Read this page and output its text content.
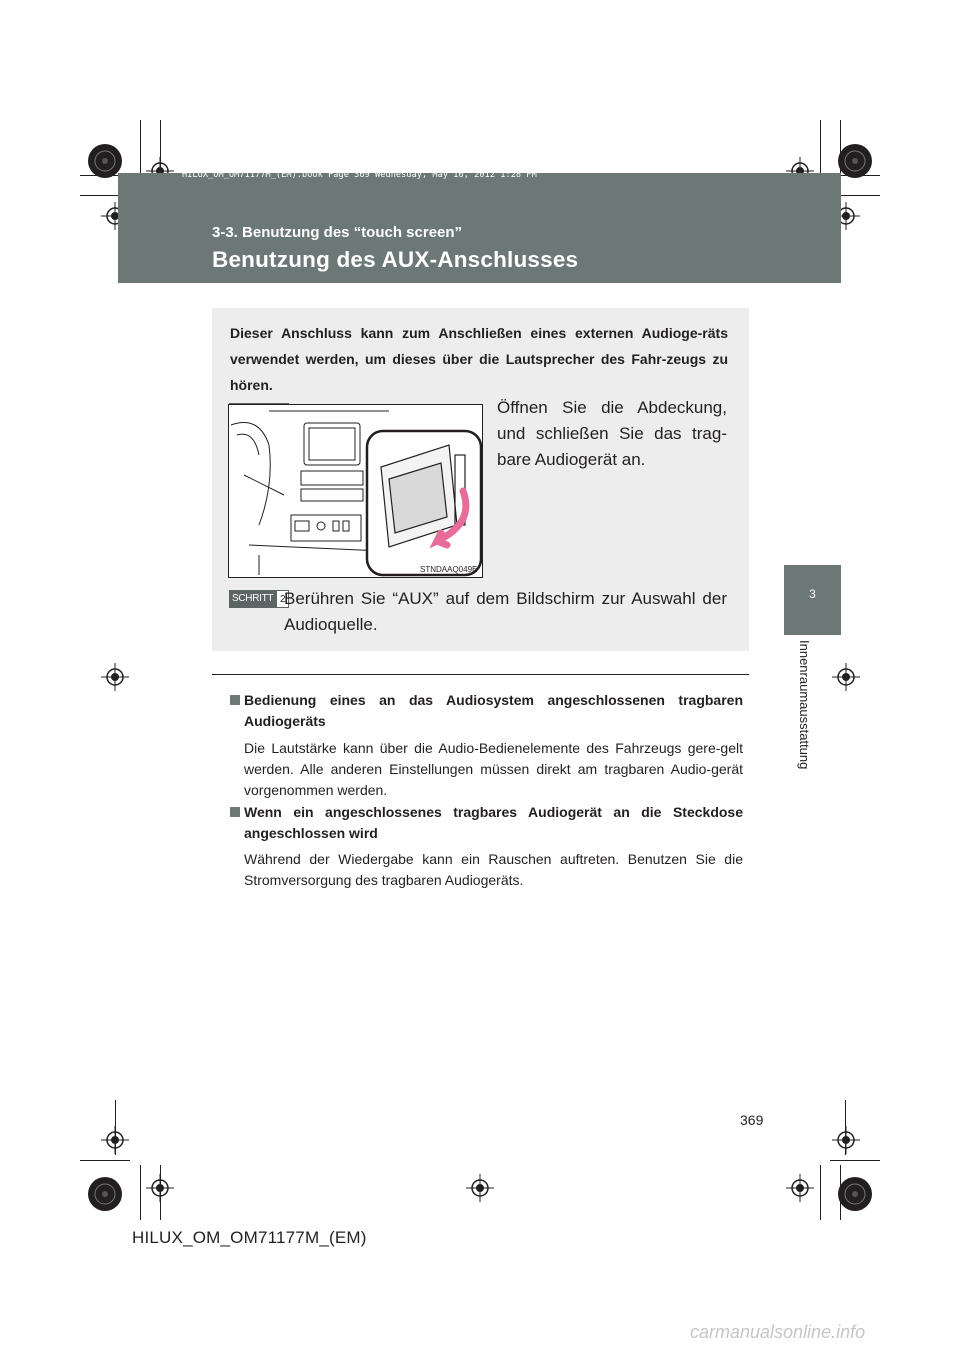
HILUX_OM_OM71177M_(EM).book Page 369 Wednesday, May 16, 2012 1:28 PM
3-3. Benutzung des “touch screen”
Benutzung des AUX-Anschlusses
3
Innenraumausstattung
Dieser Anschluss kann zum Anschließen eines externen Audioge-räts verwendet werden, um dieses über die Lautsprecher des Fahr-zeugs zu hören.
STNDAAQ049E
Öffnen Sie die Abdeckung, und schließen Sie das trag-bare Audiogerät an.
SCHRITT 2
Berühren Sie “AUX” auf dem Bildschirm zur Auswahl der Audioquelle.
Bedienung eines an das Audiosystem angeschlossenen tragbaren Audiogeräts
Die Lautstärke kann über die Audio-Bedienelemente des Fahrzeugs gere-gelt werden. Alle anderen Einstellungen müssen direkt am tragbaren Audio-gerät vorgenommen werden.
Wenn ein angeschlossenes tragbares Audiogerät an die Steckdose angeschlossen wird
Während der Wiedergabe kann ein Rauschen auftreten. Benutzen Sie die Stromversorgung des tragbaren Audiogeräts.
369
HILUX_OM_OM71177M_(EM)
carmanualsonline.info
